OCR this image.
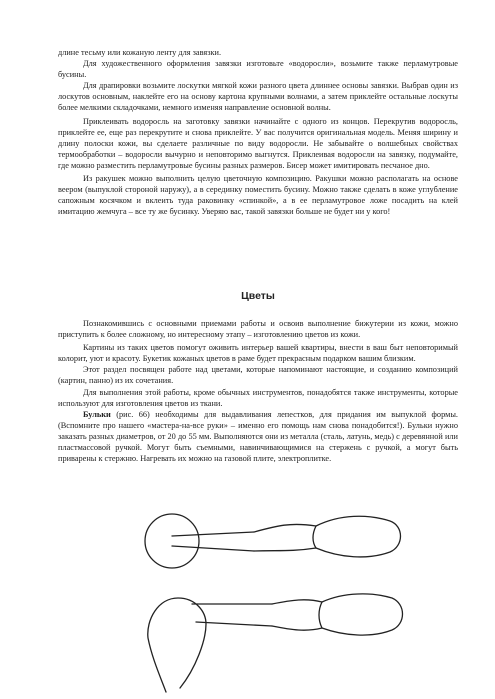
длине тесьму или кожаную ленту для завязки.

Для художественного оформления завязки изготовьте «водоросли», возьмите также перламутровые бусины.

Для драпировки возьмите лоскутки мягкой кожи разного цвета длиннее основы завязки. Выбрав один из лоскутов основным, наклейте его на основу картона крупными волнами, а затем приклейте остальные лоскуты более мелкими складочками, немного изменяя направление основной волны.

Приклеивать водоросль на заготовку завязки начинайте с одного из концов. Перекрутив водоросль, приклейте ее, еще раз перекрутите и снова приклейте. У вас получится оригинальная модель. Меняя ширину и длину полоски кожи, вы сделаете различные по виду водоросли. Не забывайте о волшебных свойствах термообработки – водоросли вычурно и неповторимо выгнутся. Приклеивая водоросли на завязку, подумайте, где можно разместить перламутровые бусины разных размеров. Бисер может имитировать песчаное дно.

Из ракушек можно выполнить целую цветочную композицию. Ракушки можно располагать на основе веером (выпуклой стороной наружу), а в серединку поместить бусину. Можно также сделать в коже углубление сапожным косячком и вклеить туда раковинку «спинкой», а в ее перламутровое ложе посадить на клей имитацию жемчуга – все ту же бусинку. Уверяю вас, такой завязки больше не будет ни у кого!

Цветы

Познакомившись с основными приемами работы и освоив выполнение бижутерии из кожи, можно приступить к более сложному, но интересному этапу – изготовлению цветов из кожи.

Картины из таких цветов помогут оживить интерьер вашей квартиры, внести в ваш быт неповторимый колорит, уют и красоту. Букетик кожаных цветов в раме будет прекрасным подарком вашим близким.

Этот раздел посвящен работе над цветами, которые напоминают настоящие, и созданию композиций (картин, панно) из их сочетания.

Для выполнения этой работы, кроме обычных инструментов, понадобятся также инструменты, которые используют для изготовления цветов из ткани.

Бульки (рис. 66) необходимы для выдавливания лепестков, для придания им выпуклой формы. (Вспомните про нашего «мастера-на-все руки» – именно его помощь нам снова понадобится!). Бульки нужно заказать разных диаметров, от 20 до 55 мм. Выполняются они из металла (сталь, латунь, медь) с деревянной или пластмассовой ручкой. Могут быть съемными, навинчивающимися на стержень с ручкой, а могут быть приварены к стержню. Нагревать их можно на газовой плите, электроплитке.
